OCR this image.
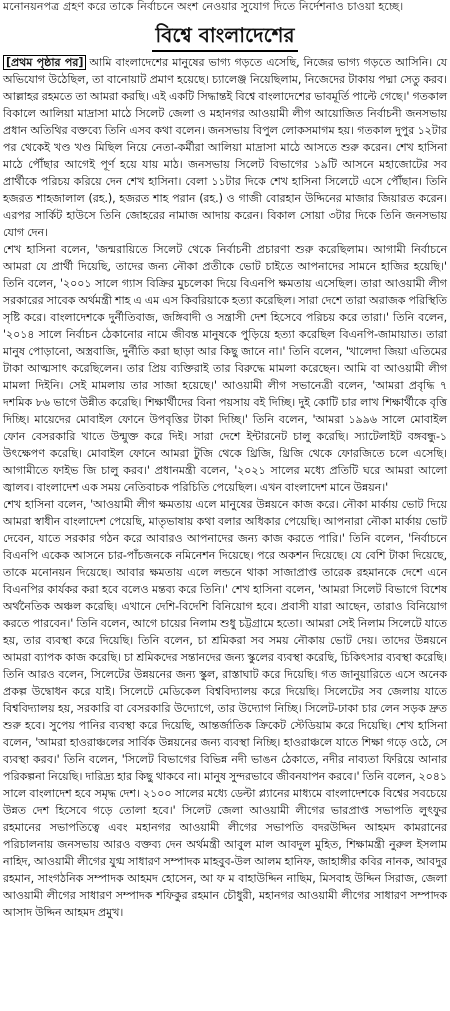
মনোনয়নপত্র গ্রহণ করে তাকে নির্বাচনে অংশ নেওয়ার সুযোগ দিতে নির্দেশনাও চাওয়া হচ্ছে।
বিশ্বে বাংলাদেশের

[প্রথম পৃষ্ঠার পর] আমি বাংলাদেশের মানুষের ভাগ্য গড়তে এসেছি, নিজের ভাগ্য গড়তে আসিনি। যে অভিযোগ উঠেছিল, তা বানোয়াট প্রমাণ হয়েছে। চ্যালেঞ্জ নিয়েছিলাম, নিজেদের টাকায় পদ্মা সেতু করব। আল্লাহর রহমতে তা আমরা করছি। এই একটি সিদ্ধান্তই বিশ্বে বাংলাদেশের ভাবমূর্তি পাল্টে গেছে।' গতকাল বিকালে আলিয়া মাদ্রাসা মাঠে সিলেট জেলা ও মহানগর আওয়ামী লীগ আয়োজিত নির্বাচনী জনসভায় প্রধান অতিথির বক্তব্যে তিনি এসব কথা বলেন। জনসভায় বিপুল লোকসমাগম হয়। গতকাল দুপুর ১২টার পর থেকেই খণ্ড খণ্ড মিছিল নিয়ে নেতা-কর্মীরা আলিয়া মাদ্রাসা মাঠে আসতে শুরু করেন। শেখ হাসিনা মাঠে পৌঁছার আগেই পূর্ণ হয়ে যায় মাঠ। জনসভায় সিলেট বিভাগের ১৯টি আসনে মহাজোটের সব প্রার্থীকে পরিচয় করিয়ে দেন শেখ হাসিনা। বেলা ১১টার দিকে শেখ হাসিনা সিলেটে এসে পৌঁছান। তিনি হজরত শাহজালাল (রহ.), হজরত শাহ পরান (রহ.) ও গাজী বোরহান উদ্দিনের মাজার জিয়ারত করেন। এরপর সার্কিট হাউসে তিনি জোহরের নামাজ আদায় করেন। বিকাল সোয়া ৩টার দিকে তিনি জনসভায় যোগ দেন।

শেখ হাসিনা বলেন, 'জন্মরায়িতে সিলেট থেকে নির্বাচনী প্রচারণা শুরু করেছিলাম। আগামী নির্বাচনে আমরা যে প্রার্থী দিয়েছি, তাদের জন্য নৌকা প্রতীকে ভোট চাইতে আপনাদের সামনে হাজির হয়েছি।' তিনি বলেন, '২০০১ সালে গ্যাস বিক্রির মুচলেকা দিয়ে বিএনপি ক্ষমতায় এসেছিল। তারা আওয়ামী লীগ সরকারের সাবেক অর্থমন্ত্রী শাহ এ এম এস কিবরিয়াকে হত্যা করেছিল। সারা দেশে তারা অরাজক পরিস্থিতি সৃষ্টি করে। বাংলাদেশকে দুর্নীতিবাজ, জঙ্গিবাদী ও সন্ত্রাসী দেশ হিসেবে পরিচয় করে তারা।' তিনি বলেন, '২০১৪ সালে নির্বাচন ঠেকানোর নামে জীবন্ত মানুষকে পুড়িয়ে হত্যা করেছিল বিএনপি-জামায়াত। তারা মানুষ পোড়ানো, অস্ত্রবাজি, দুর্নীতি করা ছাড়া আর কিছু জানে না।' তিনি বলেন, 'খালেদা জিয়া এতিমের টাকা আত্মসাৎ করেছিলেন। তার প্রিয় ব্যক্তিরাই তার বিরুদ্ধে মামলা করেছেন। আমি বা আওয়ামী লীগ মামলা দিইনি। সেই মামলায় তার সাজা হয়েছে।' আওয়ামী লীগ সভানেত্রী বলেন, 'আমরা প্রবৃদ্ধি ৭ দশমিক ৮৬ ভাগে উন্নীত করেছি। শিক্ষার্থীদের বিনা পয়সায় বই দিচ্ছি। দুই কোটি চার লাখ শিক্ষার্থীকে বৃত্তি দিচ্ছি। মায়েদের মোবাইল ফোনে উপবৃত্তির টাকা দিচ্ছি।' তিনি বলেন, 'আমরা ১৯৯৬ সালে মোবাইল ফোন বেসরকারি খাতে উন্মুক্ত করে দিই। সারা দেশে ইন্টারনেট চালু করেছি। স্যাটেলাইট বঙ্গবন্ধু-১ উৎক্ষেপণ করেছি। মোবাইল ফোনে আমরা টুজি থেকে থ্রিজি, থ্রিজি থেকে ফোরজিতে চলে এসেছি। আগামীতে ফাইভ জি চালু করব।' প্রধানমন্ত্রী বলেন, '২০২১ সালের মধ্যে প্রতিটি ঘরে আমরা আলো জ্বালব। বাংলাদেশ এক সময় নেতিবাচক পরিচিতি পেয়েছিল। এখন বাংলাদেশ মানে উন্নয়ন।'

শেখ হাসিনা বলেন, 'আওয়ামী লীগ ক্ষমতায় এলে মানুষের উন্নয়নে কাজ করে। নৌকা মার্কায় ভোট দিয়ে আমরা স্বাধীন বাংলাদেশ পেয়েছি, মাতৃভাষায় কথা বলার অধিকার পেয়েছি। আপনারা নৌকা মার্কায় ভোট দেবেন, যাতে সরকার গঠন করে আবারও আপনাদের জন্য কাজ করতে পারি।' তিনি বলেন, 'নির্বাচনে বিএনপি একেক আসনে চার-পাঁচজনকে নমিনেশন দিয়েছে। পরে অকশন দিয়েছে। যে বেশি টাকা দিয়েছে, তাকে মনোনয়ন দিয়েছে। আবার ক্ষমতায় এলে লন্ডনে থাকা সাজাপ্রাপ্ত তারেক রহমানকে দেশে এনে বিএনপির কার্যকর করা হবে বলেও মন্তব্য করে তিনি।' শেখ হাসিনা বলেন, 'আমরা সিলেট বিভাগে বিশেষ অর্থনৈতিক অঞ্চল করেছি। এখানে দেশি-বিদেশি বিনিয়োগ হবে। প্রবাসী যারা আছেন, তারাও বিনিয়োগ করতে পারবেন।' তিনি বলেন, আগে চায়ের নিলাম শুধু চট্টগ্রামে হতো। আমরা সেই নিলাম সিলেটে যাতে হয়, তার ব্যবস্থা করে দিয়েছি। তিনি বলেন, চা শ্রমিকরা সব সময় নৌকায় ভোট দেয়। তাদের উন্নয়নে আমরা ব্যাপক কাজ করেছি। চা শ্রমিকদের সন্তানদের জন্য স্কুলের ব্যবস্থা করেছি, চিকিৎসার ব্যবস্থা করেছি। তিনি আরও বলেন, সিলেটের উন্নয়নের জন্য স্কুল, রাস্তাঘাট করে দিয়েছি। গত জানুয়ারিতে এসে অনেক প্রকল্প উদ্বোধন করে যাই। সিলেটে মেডিকেল বিশ্ববিদ্যালয় করে দিয়েছি। সিলেটের সব জেলায় যাতে বিশ্ববিদ্যালয় হয়, সরকারি বা বেসরকারি উদ্যোগে, তার উদ্যোগ নিচ্ছি। সিলেট-ঢাকা চার লেন সড়ক দ্রুত শুরু হবে। সুপেয় পানির ব্যবস্থা করে দিয়েছি, আন্তর্জাতিক ক্রিকেট স্টেডিয়াম করে দিয়েছি। শেখ হাসিনা বলেন, 'আমরা হাওরাঞ্চলের সার্বিক উন্নয়নের জন্য ব্যবস্থা নিচ্ছি। হাওরাঞ্চলে যাতে শিক্ষা গড়ে ওঠে, সে ব্যবস্থা করব।' তিনি বলেন, 'সিলেট বিভাগের বিভিন্ন নদী ভাঙন ঠেকাতে, নদীর নাব্যতা ফিরিয়ে আনার পরিকল্পনা নিয়েছি। দারিদ্র্য হার কিছু থাকবে না। মানুষ সুন্দরভাবে জীবনযাপন করবে।' তিনি বলেন, ২০৪১ সালে বাংলাদেশ হবে সমৃদ্ধ দেশ। ২১০০ সালের মধ্যে ডেল্টা প্ল্যানের মাধ্যমে বাংলাদেশকে বিশ্বের সবচেয়ে উন্নত দেশ হিসেবে গড়ে তোলা হবে।' সিলেট জেলা আওয়ামী লীগের ভারপ্রাপ্ত সভাপতি লুৎফুর রহমানের সভাপতিত্বে এবং মহানগর আওয়ামী লীগের সভাপতি বদরউদ্দিন আহমদ কামরানের পরিচালনায় জনসভায় আরও বক্তব্য দেন অর্থমন্ত্রী আবুল মাল আবদুল মুহিত, শিক্ষামন্ত্রী নুরুল ইসলাম নাহিদ, আওয়ামী লীগের যুগ্ম সাধারণ সম্পাদক মাহবুব-উল আলম হানিফ, জাহাঙ্গীর কবির নানক, আবদুর রহমান, সাংগঠনিক সম্পাদক আহমদ হোসেন, আ ফ ম বাহাউদ্দিন নাছিম, মিসবাহ উদ্দিন সিরাজ, জেলা আওয়ামী লীগের সাধারণ সম্পাদক শফিকুর রহমান চৌধুরী, মহানগর আওয়ামী লীগের সাধারণ সম্পাদক আসাদ উদ্দিন আহমদ প্রমুখ।
